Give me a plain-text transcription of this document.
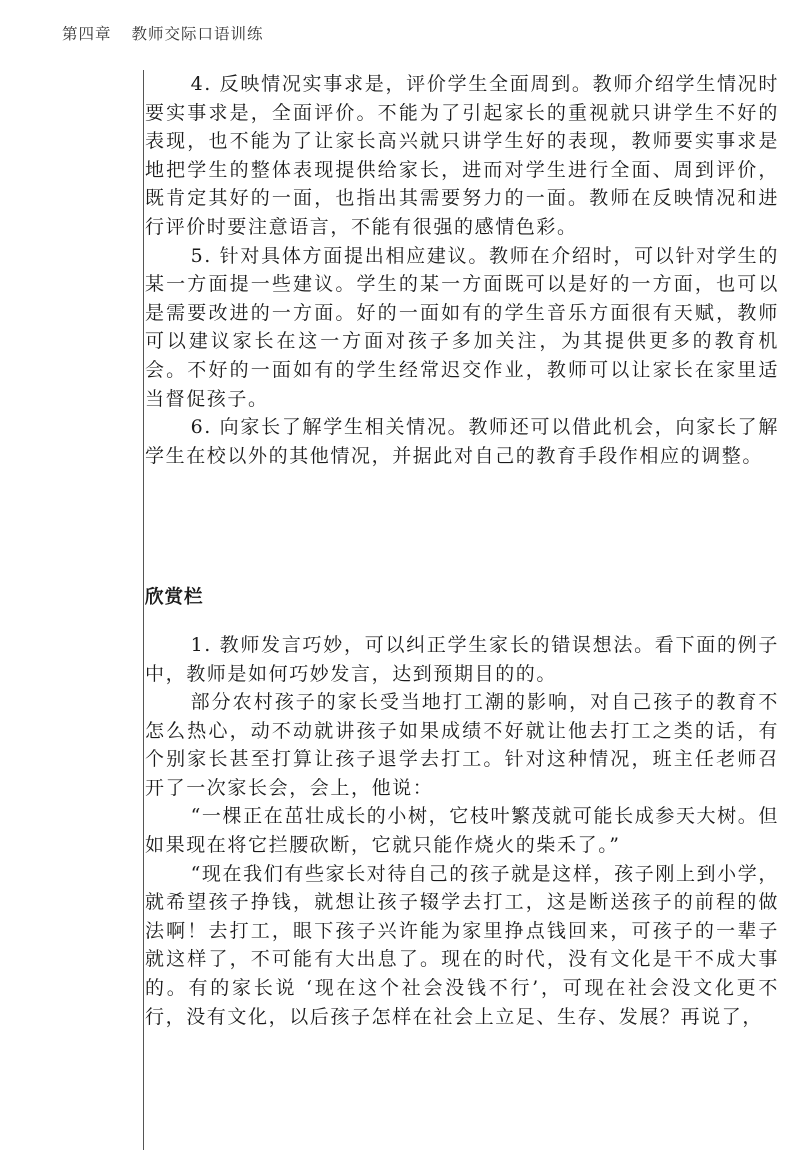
第四章 教师交际口语训练

4. 反映情况实事求是，评价学生全面周到。教师介绍学生情况时要实事求是，全面评价。不能为了引起家长的重视就只讲学生不好的表现，也不能为了让家长高兴就只讲学生好的表现，教师要实事求是地把学生的整体表现提供给家长，进而对学生进行全面、周到评价，既肯定其好的一面，也指出其需要努力的一面。教师在反映情况和进行评价时要注意语言，不能有很强的感情色彩。

5. 针对具体方面提出相应建议。教师在介绍时，可以针对学生的某一方面提一些建议。学生的某一方面既可以是好的一方面，也可以是需要改进的一方面。好的一面如有的学生音乐方面很有天赋，教师可以建议家长在这一方面对孩子多加关注，为其提供更多的教育机会。不好的一面如有的学生经常迟交作业，教师可以让家长在家里适当督促孩子。

6. 向家长了解学生相关情况。教师还可以借此机会，向家长了解学生在校以外的其他情况，并据此对自己的教育手段作相应的调整。

欣赏栏

1. 教师发言巧妙，可以纠正学生家长的错误想法。看下面的例子中，教师是如何巧妙发言，达到预期目的的。

部分农村孩子的家长受当地打工潮的影响，对自己孩子的教育不怎么热心，动不动就讲孩子如果成绩不好就让他去打工之类的话，有个别家长甚至打算让孩子退学去打工。针对这种情况，班主任老师召开了一次家长会，会上，他说：

“一棵正在茁壮成长的小树，它枝叶繁茂就可能长成参天大树。但如果现在将它拦腰砍断，它就只能作烧火的柴禾了。”

“现在我们有些家长对待自己的孩子就是这样，孩子刚上到小学，就希望孩子挣钱，就想让孩子辍学去打工，这是断送孩子的前程的做法啊！去打工，眼下孩子兴许能为家里挣点钱回来，可孩子的一辈子就这样了，不可能有大出息了。现在的时代，没有文化是干不成大事的。有的家长说 ‘现在这个社会没钱不行’，可现在社会没文化更不行，没有文化，以后孩子怎样在社会上立足、生存、发展？再说了，
